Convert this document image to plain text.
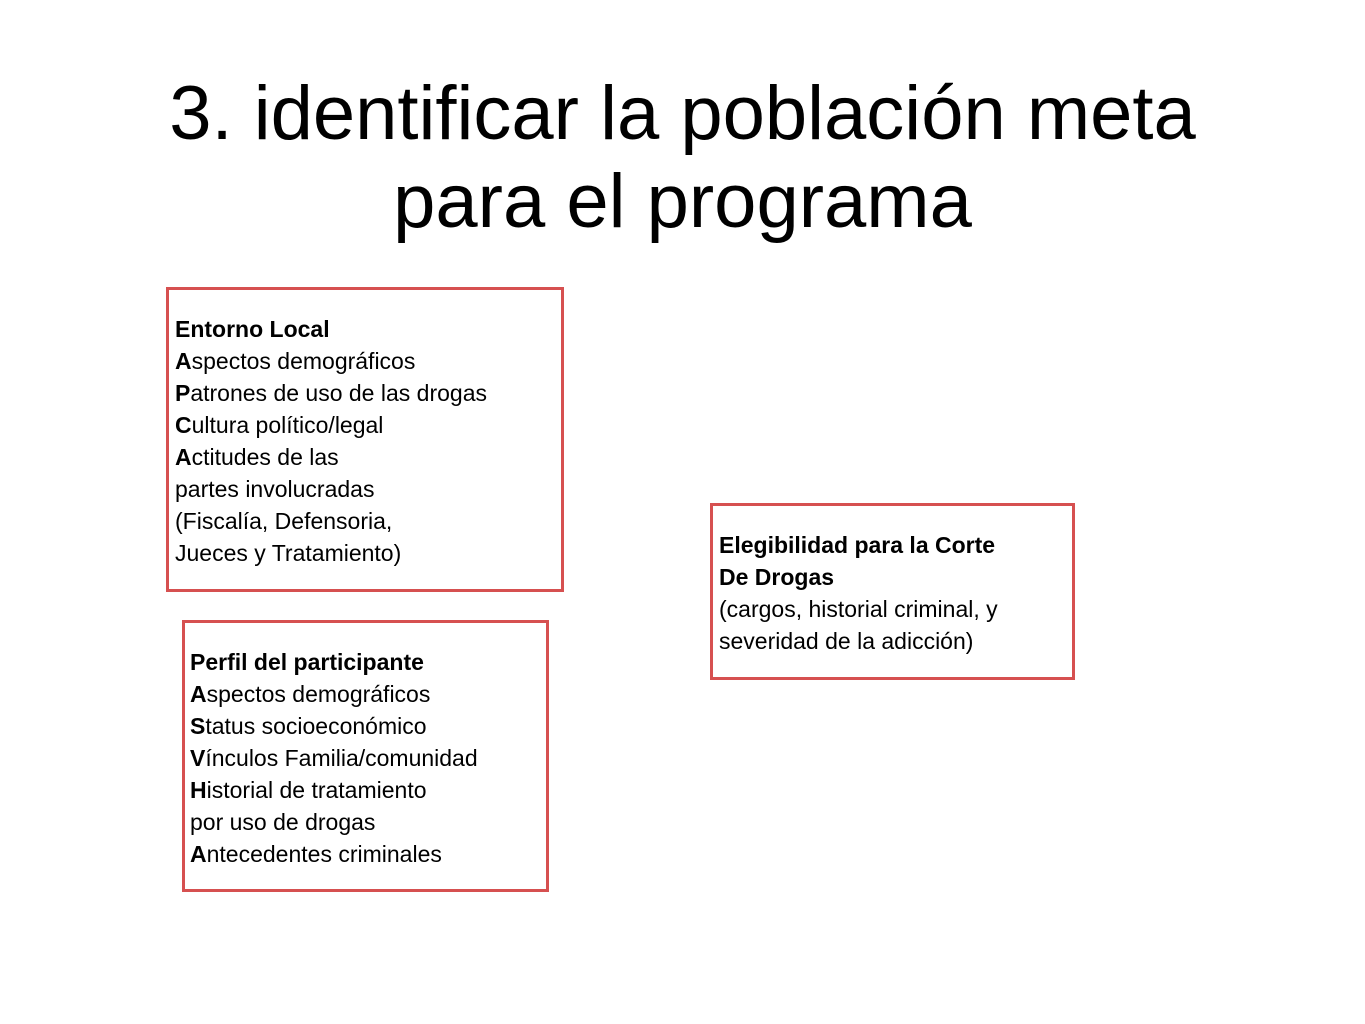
3. identificar la población meta
para el programa
Entorno Local
Aspectos demográficos
Patrones de uso de las drogas
Cultura político/legal
Actitudes de las
partes involucradas
(Fiscalía, Defensoria,
Jueces y Tratamiento)
Perfil del participante
Aspectos demográficos
Status socioeconómico
Vínculos Familia/comunidad
Historial de tratamiento
por uso de drogas
Antecedentes criminales
Elegibilidad para la Corte
De Drogas
(cargos, historial criminal, y
severidad de la adicción)
